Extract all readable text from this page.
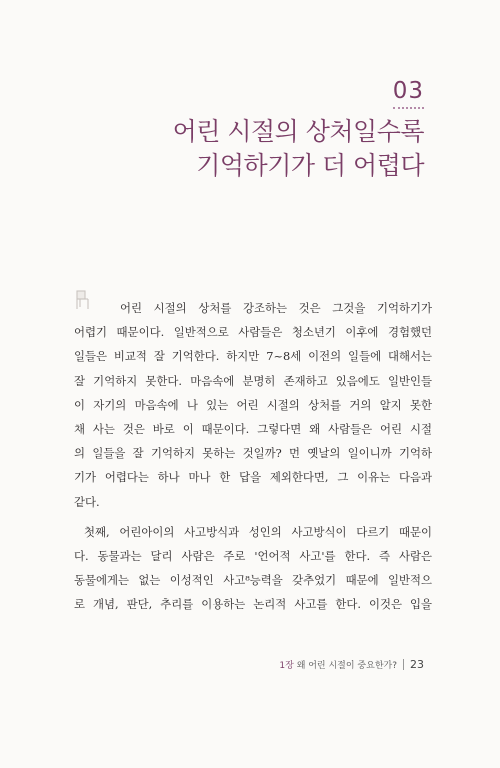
03
어린 시절의 상처일수록
기억하기가 더 어렵다
어린 시절의 상처를 강조하는 것은 그것을 기억하기가
어렵기 때문이다. 일반적으로 사람들은 청소년기 이후에 경험했던
일들은 비교적 잘 기억한다. 하지만 7~8세 이전의 일들에 대해서는
잘 기억하지 못한다. 마음속에 분명히 존재하고 있음에도 일반인들
이 자기의 마음속에 나 있는 어린 시절의 상처를 거의 알지 못한
채 사는 것은 바로 이 때문이다. 그렇다면 왜 사람들은 어린 시절
의 일들을 잘 기억하지 못하는 것일까? 먼 옛날의 일이니까 기억하
기가 어렵다는 하나 마나 한 답을 제외한다면, 그 이유는 다음과
같다.
첫째, 어린아이의 사고방식과 성인의 사고방식이 다르기 때문이
다. 동물과는 달리 사람은 주로 '언어적 사고'를 한다. 즉 사람은
동물에게는 없는 이성적인 사고⁸능력을 갖추었기 때문에 일반적으
로 개념, 판단, 추리를 이용하는 논리적 사고를 한다. 이것은 입을
1장
왜 어린 시절이 중요한가? 23
